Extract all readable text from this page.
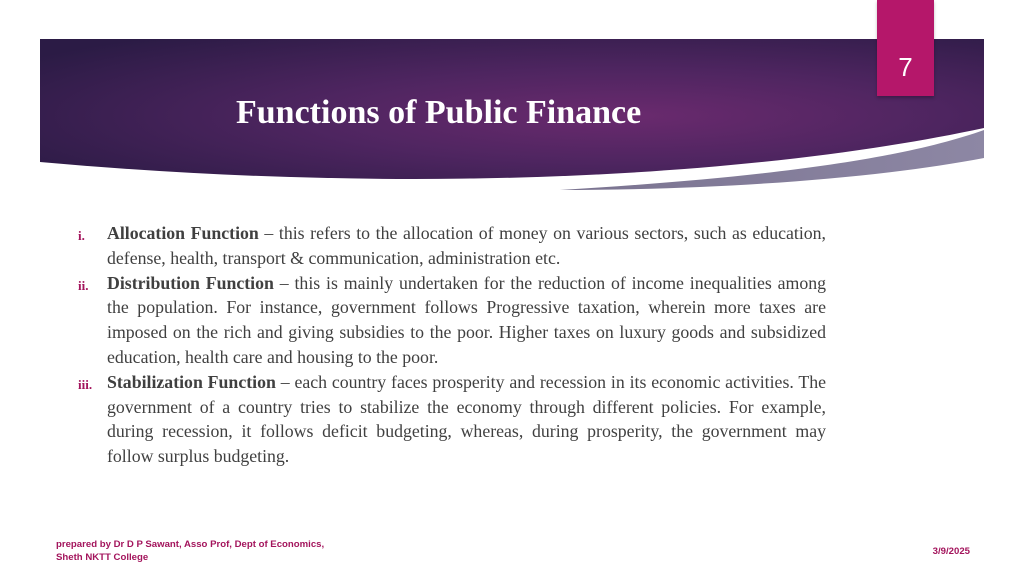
7
Functions of Public Finance
i.	Allocation Function – this refers to the allocation of money on various sectors, such as education, defense, health, transport & communication, administration etc.

ii.	Distribution Function – this is mainly undertaken for the reduction of income inequalities among the population. For instance, government follows Progressive taxation, wherein more taxes are imposed on the rich and giving subsidies to the poor. Higher taxes on luxury goods and subsidized education, health care and housing to the poor.

iii. Stabilization Function – each country faces prosperity and recession in its economic activities. The government of a country tries to stabilize the economy through different policies. For example, during recession, it follows deficit budgeting, whereas, during prosperity, the government may follow surplus budgeting.

prepared by Dr D P Sawant, Asso Prof, Dept of Economics,
Sheth NKTT College
3/9/2025
